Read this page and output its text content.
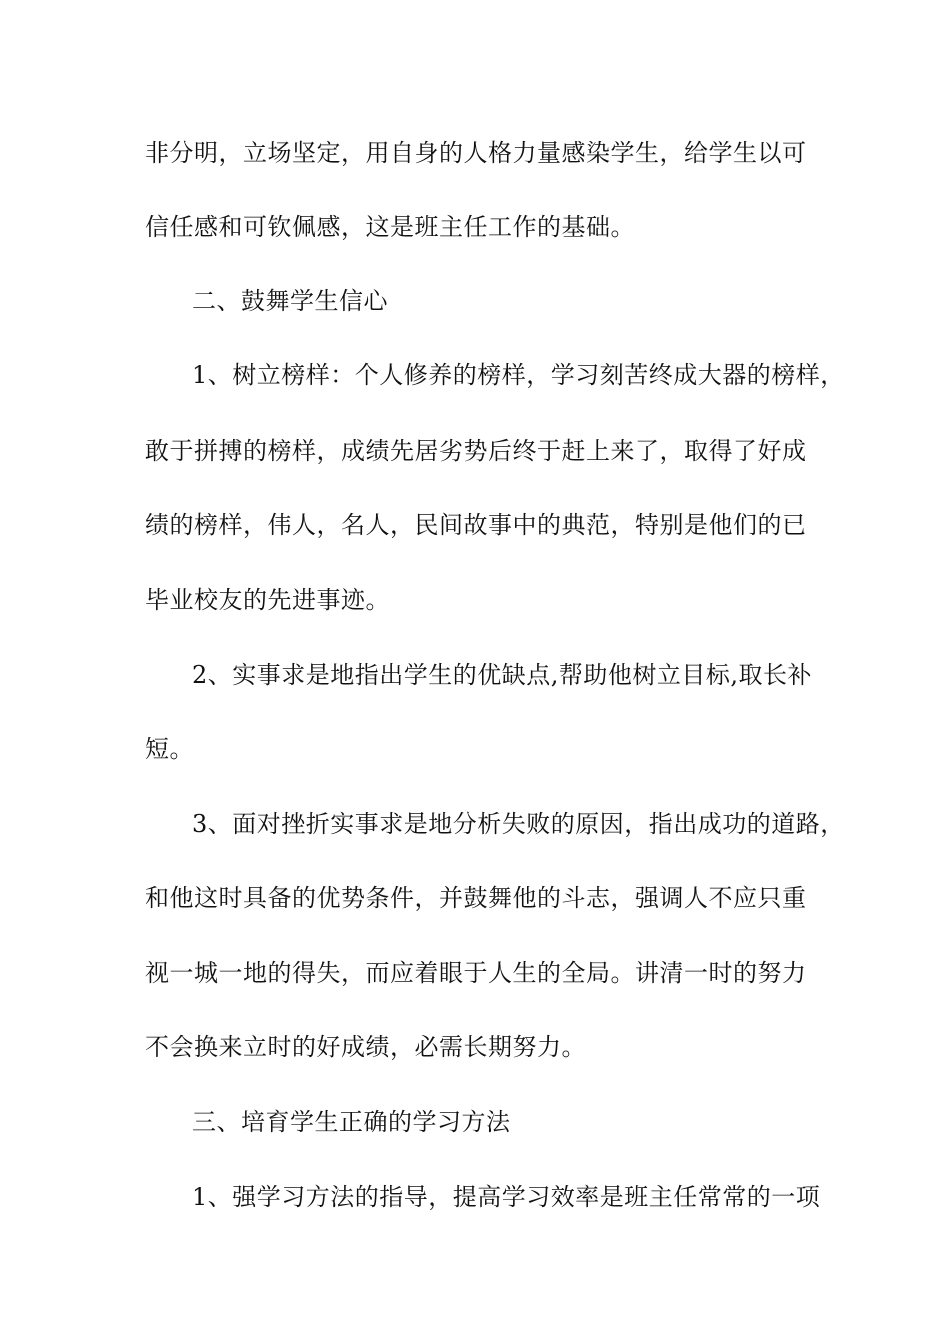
非分明，立场坚定，用自身的人格力量感染学生，给学生以可
信任感和可钦佩感，这是班主任工作的基础。
二、鼓舞学生信心
1、树立榜样：个人修养的榜样，学习刻苦终成大器的榜样，
敢于拼搏的榜样，成绩先居劣势后终于赶上来了，取得了好成
绩的榜样，伟人，名人，民间故事中的典范，特别是他们的已
毕业校友的先进事迹。
2、实事求是地指出学生的优缺点,帮助他树立目标,取长补
短。
3、面对挫折实事求是地分析失败的原因，指出成功的道路，
和他这时具备的优势条件，并鼓舞他的斗志，强调人不应只重
视一城一地的得失，而应着眼于人生的全局。讲清一时的努力
不会换来立时的好成绩，必需长期努力。
三、培育学生正确的学习方法
1、强学习方法的指导，提高学习效率是班主任常常的一项
